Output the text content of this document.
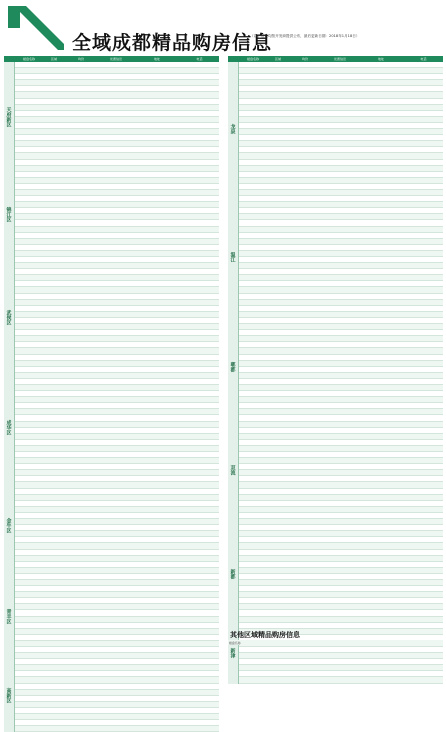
全域成都精品购房信息
（以下信息均按开发商提供公布，最后更新日期：2018年1月18日）
楼盘名称	区域	均价	优惠信息	地址	电话
天府新区
锦江区
武侯区
成华区
金牛区
青羊区
高新区
楼盘名称	区域	均价	优惠信息	地址	电话
龙泉
温江
郫都
双流
新都
新津
其他区域精品购房信息
楼盘名称
